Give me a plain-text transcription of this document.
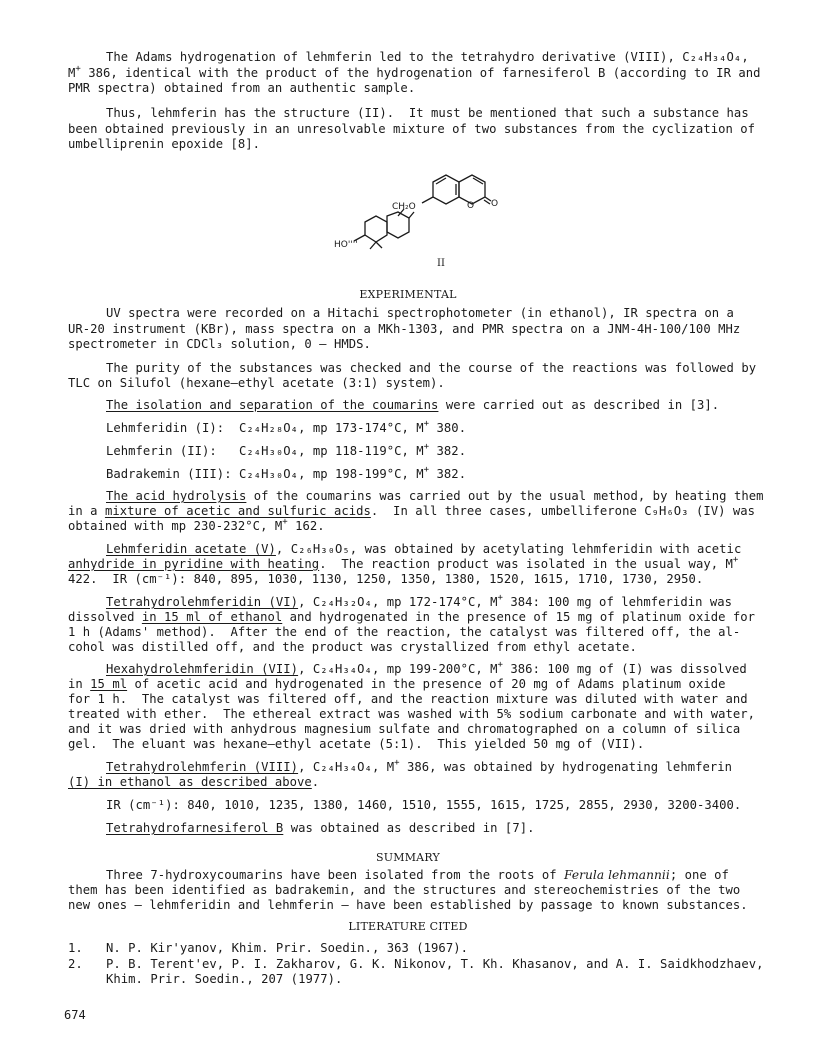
The Adams hydrogenation of lehmferin led to the tetrahydro derivative (VIII), C₂₄H₃₄O₄,
M+ 386, identical with the product of the hydrogenation of farnesiferol B (according to IR and
PMR spectra) obtained from an authentic sample.
Thus, lehmferin has the structure (II).  It must be mentioned that such a substance has
been obtained previously in an unresolvable mixture of two substances from the cyclization of
umbelliprenin epoxide [8].
CH₂O	O O
HO''''
II
EXPERIMENTAL
UV spectra were recorded on a Hitachi spectrophotometer (in ethanol), IR spectra on a
UR-20 instrument (KBr), mass spectra on a MKh-1303, and PMR spectra on a JNM-4H-100/100 MHz
spectrometer in CDCl₃ solution, 0 — HMDS.
The purity of the substances was checked and the course of the reactions was followed by
TLC on Silufol (hexane—ethyl acetate (3:1) system).
The isolation and separation of the coumarins were carried out as described in [3].
Lehmferidin (I):  C₂₄H₂₈O₄, mp 173-174°C, M+ 380.
Lehmferin (II):   C₂₄H₃₀O₄, mp 118-119°C, M+ 382.
Badrakemin (III): C₂₄H₃₀O₄, mp 198-199°C, M+ 382.
The acid hydrolysis of the coumarins was carried out by the usual method, by heating them
in a mixture of acetic and sulfuric acids.  In all three cases, umbelliferone C₉H₆O₃ (IV) was
obtained with mp 230-232°C, M+ 162.
Lehmferidin acetate (V), C₂₆H₃₀O₅, was obtained by acetylating lehmferidin with acetic
anhydride in pyridine with heating.  The reaction product was isolated in the usual way, M+
422.  IR (cm⁻¹): 840, 895, 1030, 1130, 1250, 1350, 1380, 1520, 1615, 1710, 1730, 2950.
Tetrahydrolehmferidin (VI), C₂₄H₃₂O₄, mp 172-174°C, M+ 384: 100 mg of lehmferidin was
dissolved in 15 ml of ethanol and hydrogenated in the presence of 15 mg of platinum oxide for
1 h (Adams' method).  After the end of the reaction, the catalyst was filtered off, the al-
cohol was distilled off, and the product was crystallized from ethyl acetate.
Hexahydrolehmferidin (VII), C₂₄H₃₄O₄, mp 199-200°C, M+ 386: 100 mg of (I) was dissolved
in 15 ml of acetic acid and hydrogenated in the presence of 20 mg of Adams platinum oxide
for 1 h.  The catalyst was filtered off, and the reaction mixture was diluted with water and
treated with ether.  The ethereal extract was washed with 5% sodium carbonate and with water,
and it was dried with anhydrous magnesium sulfate and chromatographed on a column of silica
gel.  The eluant was hexane—ethyl acetate (5:1).  This yielded 50 mg of (VII).
Tetrahydrolehmferin (VIII), C₂₄H₃₄O₄, M+ 386, was obtained by hydrogenating lehmferin
(I) in ethanol as described above.
IR (cm⁻¹): 840, 1010, 1235, 1380, 1460, 1510, 1555, 1615, 1725, 2855, 2930, 3200-3400.
Tetrahydrofarnesiferol B was obtained as described in [7].
SUMMARY
Three 7-hydroxycoumarins have been isolated from the roots of Ferula lehmannii; one of
them has been identified as badrakemin, and the structures and stereochemistries of the two
new ones — lehmferidin and lehmferin — have been established by passage to known substances.
LITERATURE CITED
1. N. P. Kir'yanov, Khim. Prir. Soedin., 363 (1967).
2. P. B. Terent'ev, P. I. Zakharov, G. K. Nikonov, T. Kh. Khasanov, and A. I. Saidkhodzhaev,
Khim. Prir. Soedin., 207 (1977).
674
